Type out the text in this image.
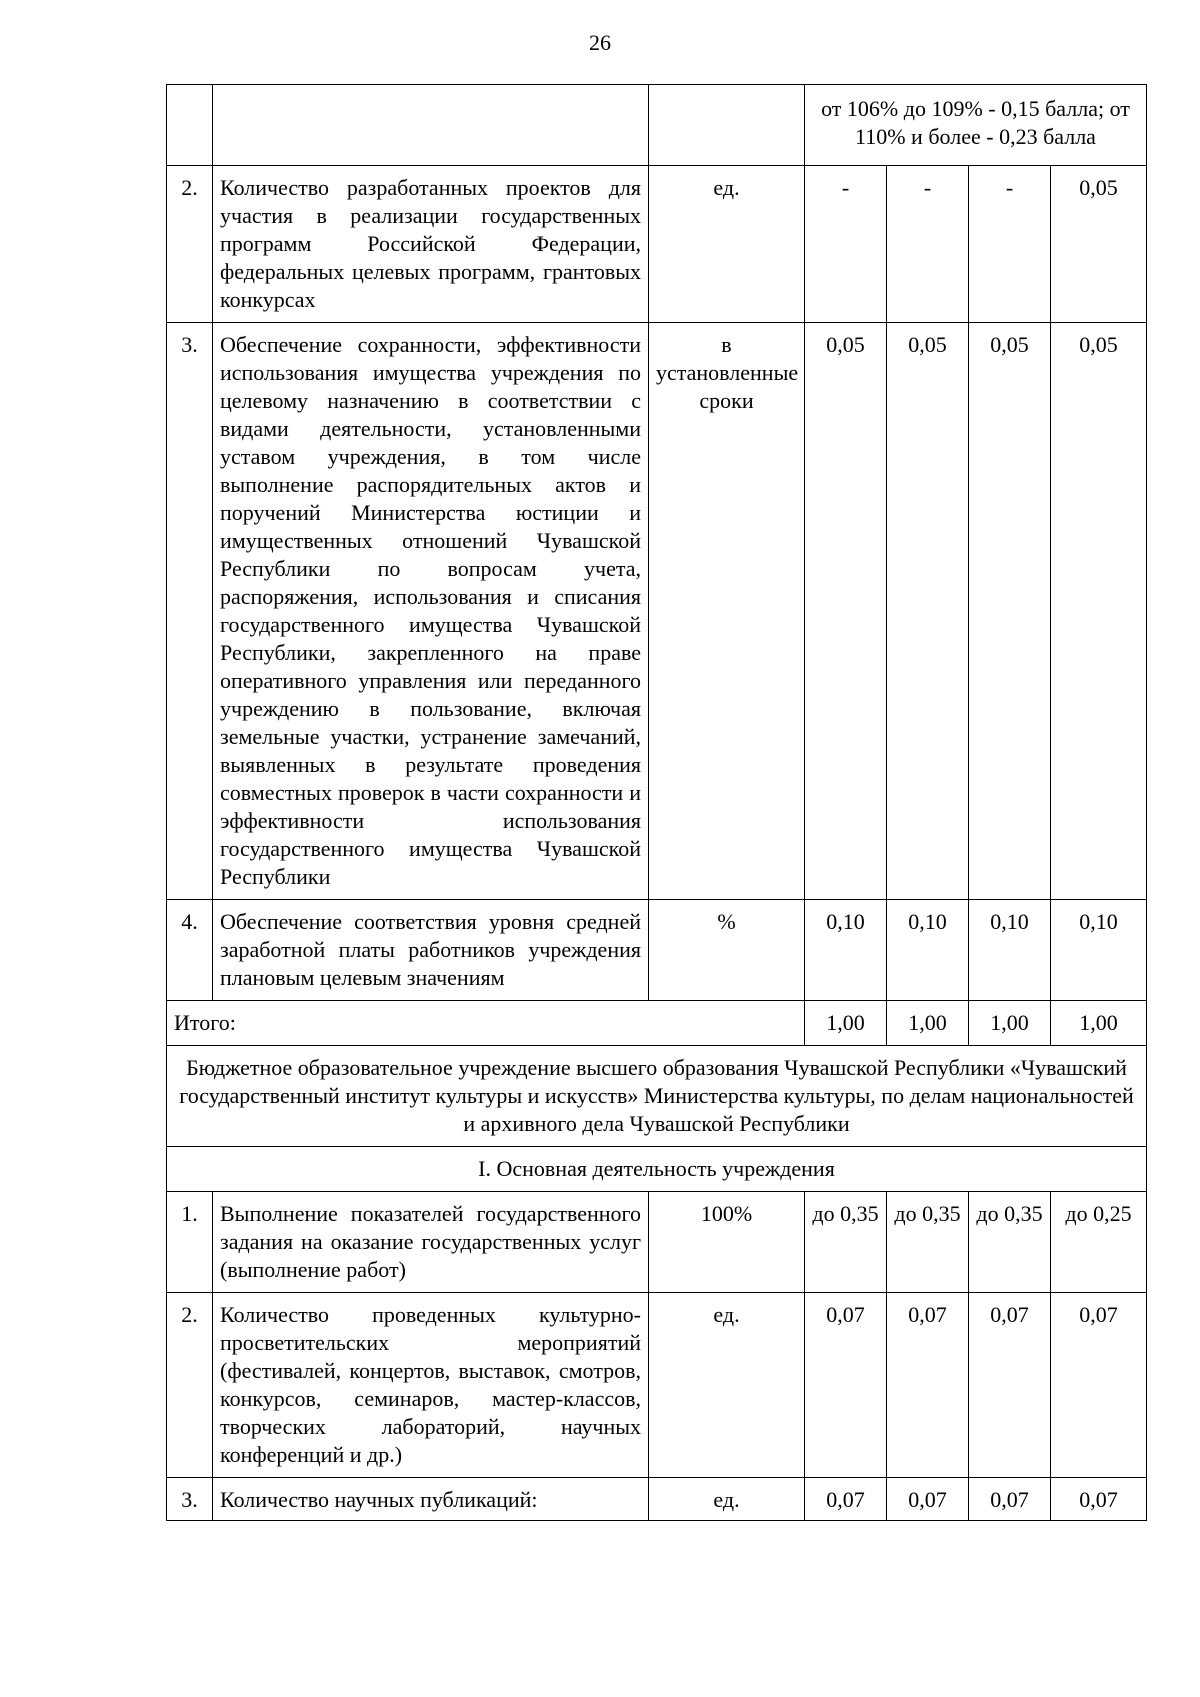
26
			от 106% до 109% - 0,15 балла; от 110% и более - 0,23 балла			
2.	Количество разработанных проектов для участия в реализации государственных программ Российской Федерации, федеральных целевых программ, грантовых конкурсах	ед.	-	-	-	0,05
3.	Обеспечение сохранности, эффективности использования имущества учреждения по целевому назначению в соответствии с видами деятельности, установленными уставом учреждения, в том числе выполнение распорядительных актов и поручений Министерства юстиции и имущественных отношений Чувашской Республики по вопросам учета, распоряжения, использования и списания государственного имущества Чувашской Республики, закрепленного на праве оперативного управления или переданного учреждению в пользование, включая земельные участки, устранение замечаний, выявленных в результате проведения совместных проверок в части сохранности и эффективности использования государственного имущества Чувашской Республики	в установленные сроки	0,05	0,05	0,05	0,05
4.	Обеспечение соответствия уровня средней заработной платы работников учреждения плановым целевым значениям	%	0,10	0,10	0,10	0,10
Итого:			1,00	1,00	1,00	1,00
Бюджетное образовательное учреждение высшего образования Чувашской Республики «Чувашский государственный институт культуры и искусств» Министерства культуры, по делам национальностей и архивного дела Чувашской Республики						
I. Основная деятельность учреждения						
1.	Выполнение показателей государственного задания на оказание государственных услуг (выполнение работ)	100%	до 0,35	до 0,35	до 0,35	до 0,25
2.	Количество проведенных культурно-просветительских мероприятий (фестивалей, концертов, выставок, смотров, конкурсов, семинаров, мастер-классов, творческих лабораторий, научных конференций и др.)	ед.	0,07	0,07	0,07	0,07
3.	Количество научных публикаций:	ед.	0,07	0,07	0,07	0,07
